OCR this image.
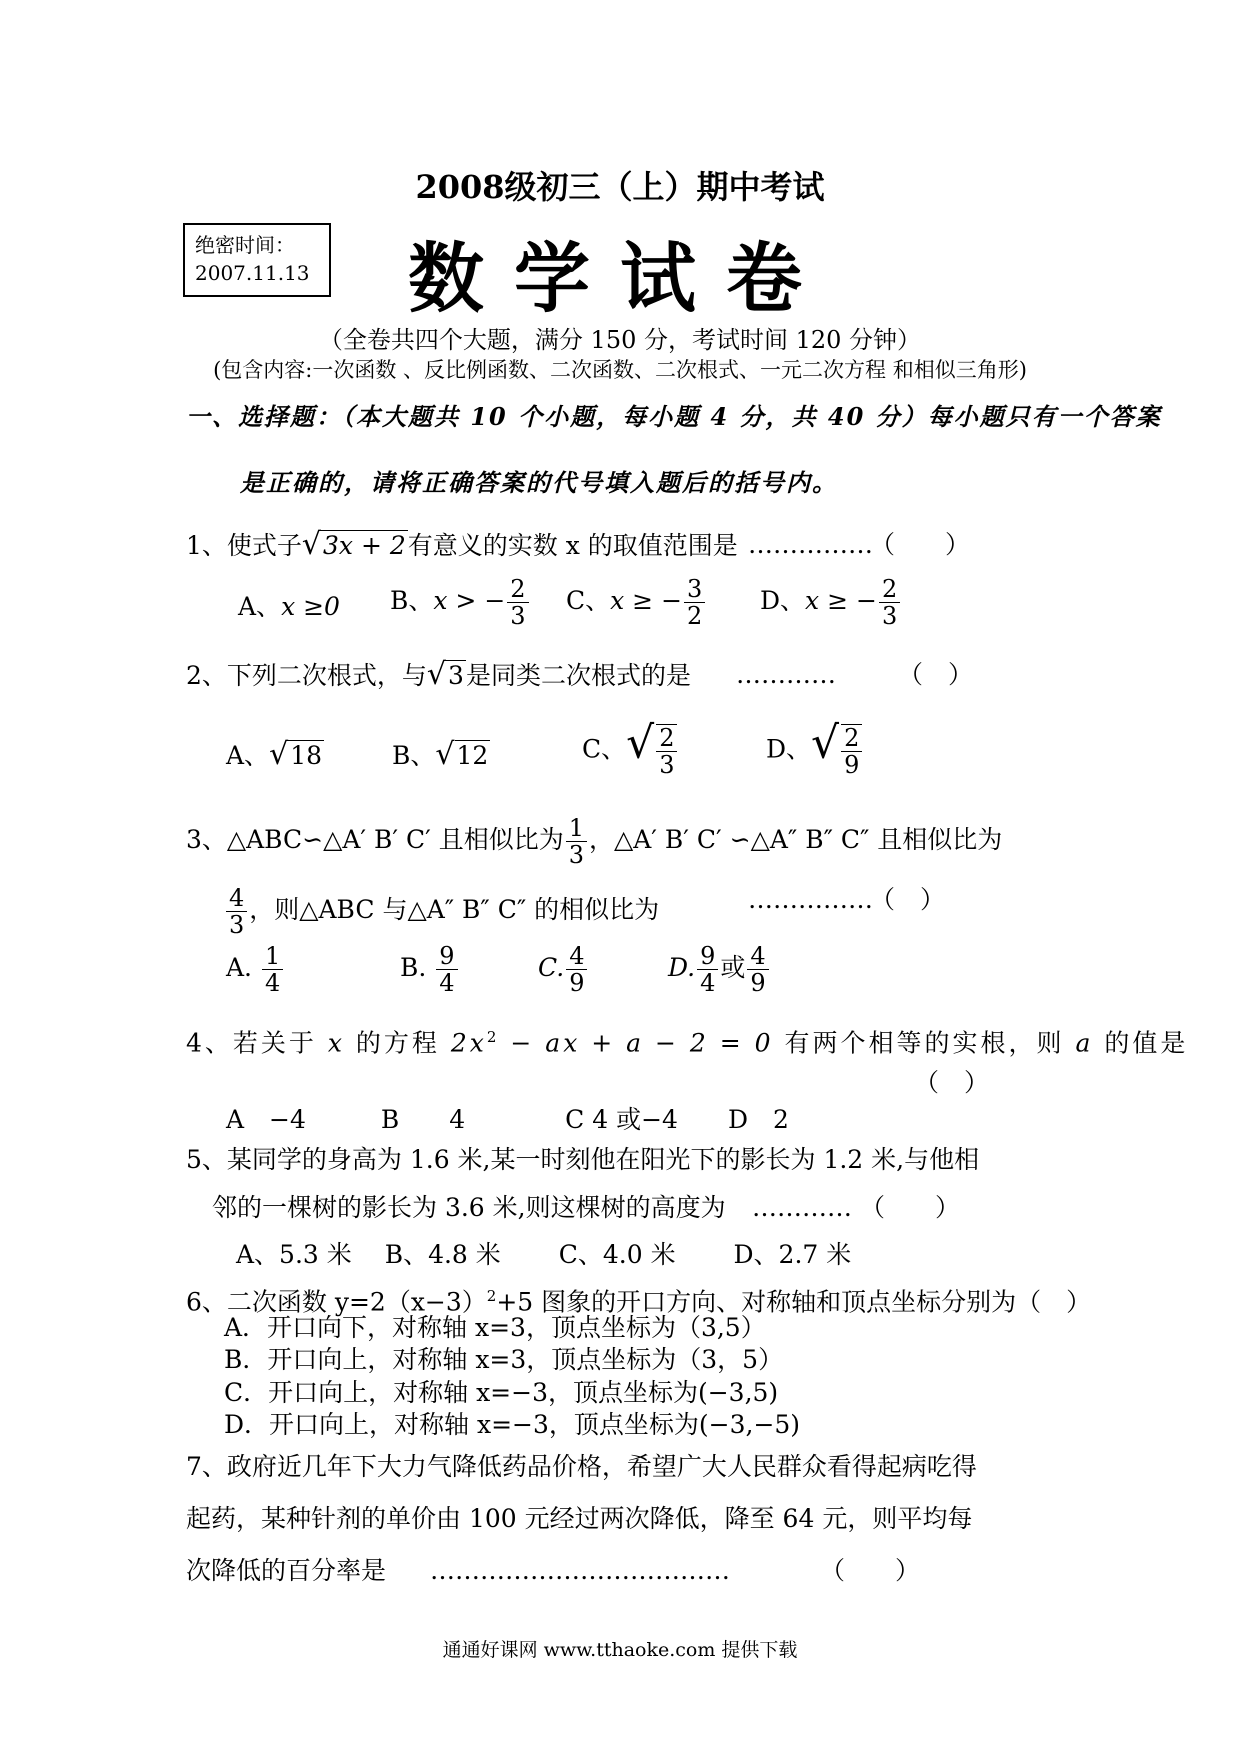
2008级初三（上）期中考试
绝密时间：
2007.11.13	数学试卷
（全卷共四个大题，满分 150 分，考试时间 120 分钟）
(包含内容:一次函数 、反比例函数、二次函数、二次根式、一元二次方程 和相似三角形)
一、选择题：（本大题共 10 个小题，每小题 4 分，共 40 分）每小题只有一个答案
是正确的，请将正确答案的代号填入题后的括号内。
1、使式子√3x + 2有意义的实数 x 的取值范围是 ……………
（　　）
A、x ≥0 B、x > − $\frac{2}{3}$ C、x ≥ − $\frac{3}{2}$ D、x ≥ − $\frac{2}{3}$
2、下列二次根式，与√3是同类二次根式的是 ………… （　）
A、√18	B、√12	C、√ $\frac{2}{3}$	D、√ $\frac{2}{9}$
3、△ABC∽△A′ B′ C′ 且相似比为 $\frac{1}{3}$ ，△A′ B′ C′ ∽△A″ B″ C″ 且相似比为
$\frac{4}{3}$ ，则△ABC 与△A″ B″ C″ 的相似比为	……………
（　）
A. $\frac{1}{4}$	B. $\frac{9}{4}$	C. $\frac{4}{9}$	D. $\frac{9}{4}$ 或 $\frac{4}{9}$
4、若关于 x 的方程 $2x^2$ − ax + a − 2 = 0 有两个相等的实根，则 a 的值是
（　）
A　−4　　　B　　4　　　　C 4 或−4　　D　2
5、某同学的身高为 1.6 米,某一时刻他在阳光下的影长为 1.2 米,与他相
邻的一棵树的影长为 3.6 米,则这棵树的高度为 ………… （　　）
A、5.3 米　 B、4.8 米　　 C、4.0 米　　 D、2.7 米
6、二次函数 $y=2(x-3)^2+5$ 图象的开口方向、对称轴和顶点坐标分别为（　）
A．开口向下，对称轴 x=3，顶点坐标为（3,5）
B．开口向上，对称轴 x=3，顶点坐标为（3，5）
C．开口向上，对称轴 x=−3，顶点坐标为(−3,5)
D．开口向上，对称轴 x=−3，顶点坐标为(−3,−5)
7、政府近几年下大力气降低药品价格，希望广大人民群众看得起病吃得
起药，某种针剂的单价由 100 元经过两次降低，降至 64 元，则平均每
次降低的百分率是 ………………………………	（　　）
通通好课网 www.tthaoke.com 提供下载
